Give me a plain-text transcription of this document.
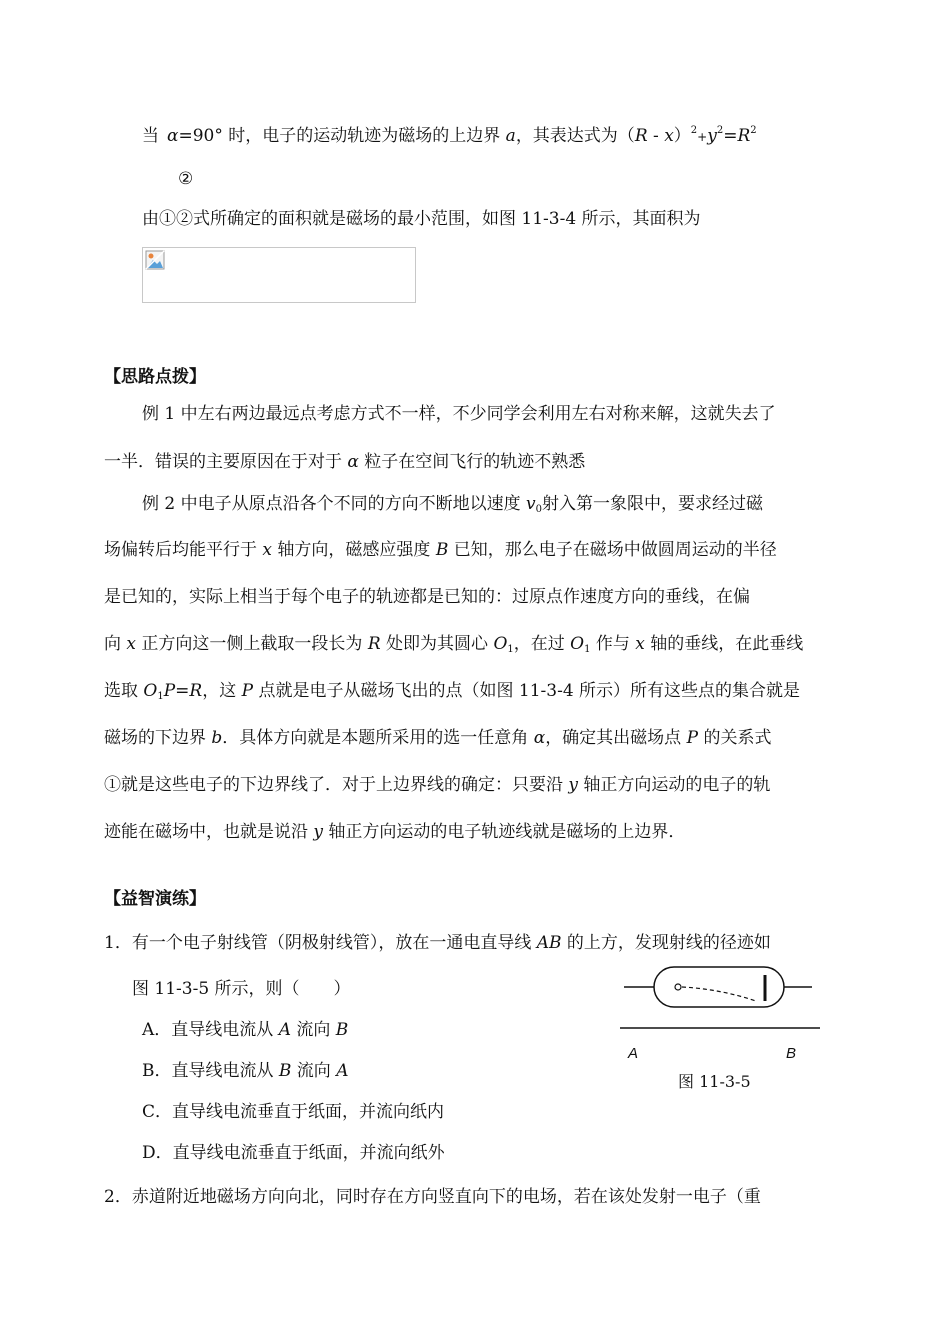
当 α=90° 时，电子的运动轨迹为磁场的上边界 a，其表达式为$(R - x)^2+y^2=R^2$
②
由①②式所确定的面积就是磁场的最小范围，如图 11-3-4 所示，其面积为
【思路点拨】
例 1 中左右两边最远点考虑方式不一样，不少同学会利用左右对称来解，这就失去了
一半．错误的主要原因在于对于 α 粒子在空间飞行的轨迹不熟悉
例 2 中电子从原点沿各个不同的方向不断地以速度 $v_0$射入第一象限中，要求经过磁
场偏转后均能平行于 x 轴方向，磁感应强度 B 已知，那么电子在磁场中做圆周运动的半径
是已知的，实际上相当于每个电子的轨迹都是已知的：过原点作速度方向的垂线，在偏
向 x 正方向这一侧上截取一段长为 R 处即为其圆心 $O_1$，在过 $O_1$ 作与 x 轴的垂线，在此垂线
选取 $O_1P=R$，这 P 点就是电子从磁场飞出的点（如图 11-3-4 所示）所有这些点的集合就是
磁场的下边界 b．具体方向就是本题所采用的选一任意角 α，确定其出磁场点 P 的关系式
①就是这些电子的下边界线了．对于上边界线的确定：只要沿 y 轴正方向运动的电子的轨
迹能在磁场中，也就是说沿 y 轴正方向运动的电子轨迹线就是磁场的上边界．
【益智演练】
1．有一个电子射线管（阴极射线管），放在一通电直导线 AB 的上方，发现射线的径迹如
图 11-3-5 所示，则（　　）
A．直导线电流从 A 流向 B
B．直导线电流从 B 流向 A
C．直导线电流垂直于纸面，并流向纸内
D．直导线电流垂直于纸面，并流向纸外
A	B
图 11-3-5
2．赤道附近地磁场方向向北，同时存在方向竖直向下的电场，若在该处发射一电子（重
